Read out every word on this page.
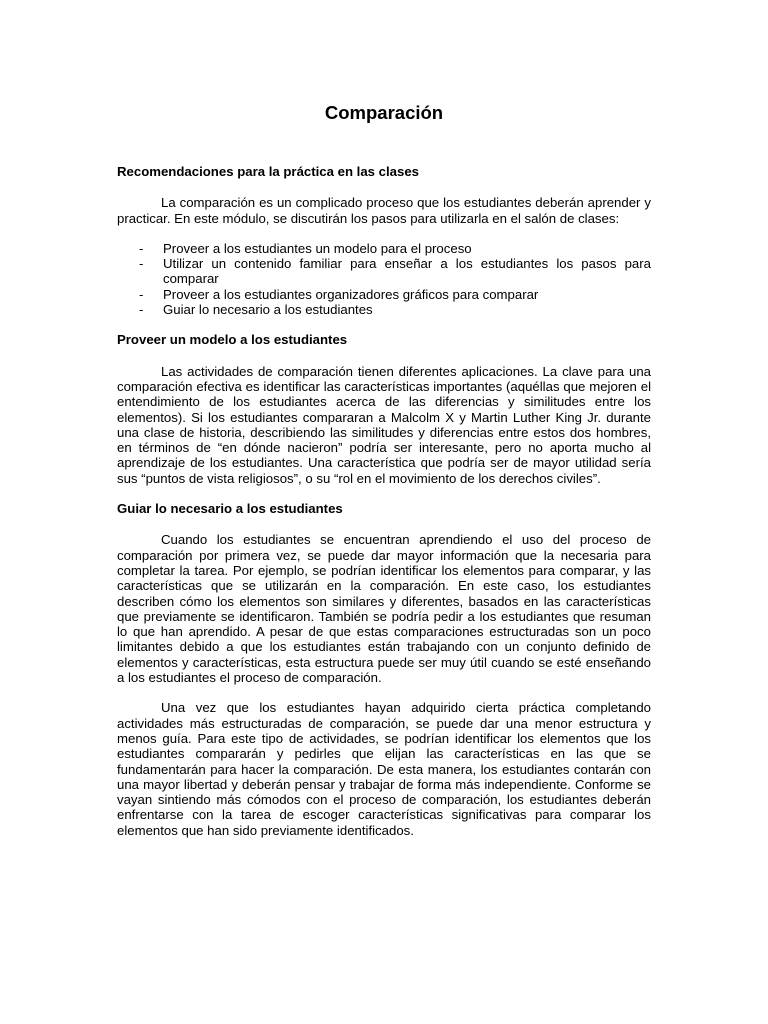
Comparación
Recomendaciones para la práctica en las clases

La comparación es un complicado proceso que los estudiantes deberán aprender y practicar. En este módulo, se discutirán los pasos para utilizarla en el salón de clases:

- Proveer a los estudiantes un modelo para el proceso
- Utilizar un contenido familiar para enseñar a los estudiantes los pasos para comparar
- Proveer a los estudiantes organizadores gráficos para comparar
- Guiar lo necesario a los estudiantes
Proveer un modelo a los estudiantes

Las actividades de comparación tienen diferentes aplicaciones. La clave para una comparación efectiva es identificar las características importantes (aquéllas que mejoren el entendimiento de los estudiantes acerca de las diferencias y similitudes entre los elementos). Si los estudiantes compararan a Malcolm X y Martin Luther King Jr. durante una clase de historia, describiendo las similitudes y diferencias entre estos dos hombres, en términos de “en dónde nacieron” podría ser interesante, pero no aporta mucho al aprendizaje de los estudiantes. Una característica que podría ser de mayor utilidad sería sus “puntos de vista religiosos”, o su “rol en el movimiento de los derechos civiles”.

Guiar lo necesario a los estudiantes

Cuando los estudiantes se encuentran aprendiendo el uso del proceso de comparación por primera vez, se puede dar mayor información que la necesaria para completar la tarea. Por ejemplo, se podrían identificar los elementos para comparar, y las características que se utilizarán en la comparación. En este caso, los estudiantes describen cómo los elementos son similares y diferentes, basados en las características que previamente se identificaron. También se podría pedir a los estudiantes que resuman lo que han aprendido. A pesar de que estas comparaciones estructuradas son un poco limitantes debido a que los estudiantes están trabajando con un conjunto definido de elementos y características, esta estructura puede ser muy útil cuando se esté enseñando a los estudiantes el proceso de comparación.

Una vez que los estudiantes hayan adquirido cierta práctica completando actividades más estructuradas de comparación, se puede dar una menor estructura y menos guía. Para este tipo de actividades, se podrían identificar los elementos que los estudiantes compararán y pedirles que elijan las características en las que se fundamentarán para hacer la comparación. De esta manera, los estudiantes contarán con una mayor libertad y deberán pensar y trabajar de forma más independiente. Conforme se vayan sintiendo más cómodos con el proceso de comparación, los estudiantes deberán enfrentarse con la tarea de escoger características significativas para comparar los elementos que han sido previamente identificados.
